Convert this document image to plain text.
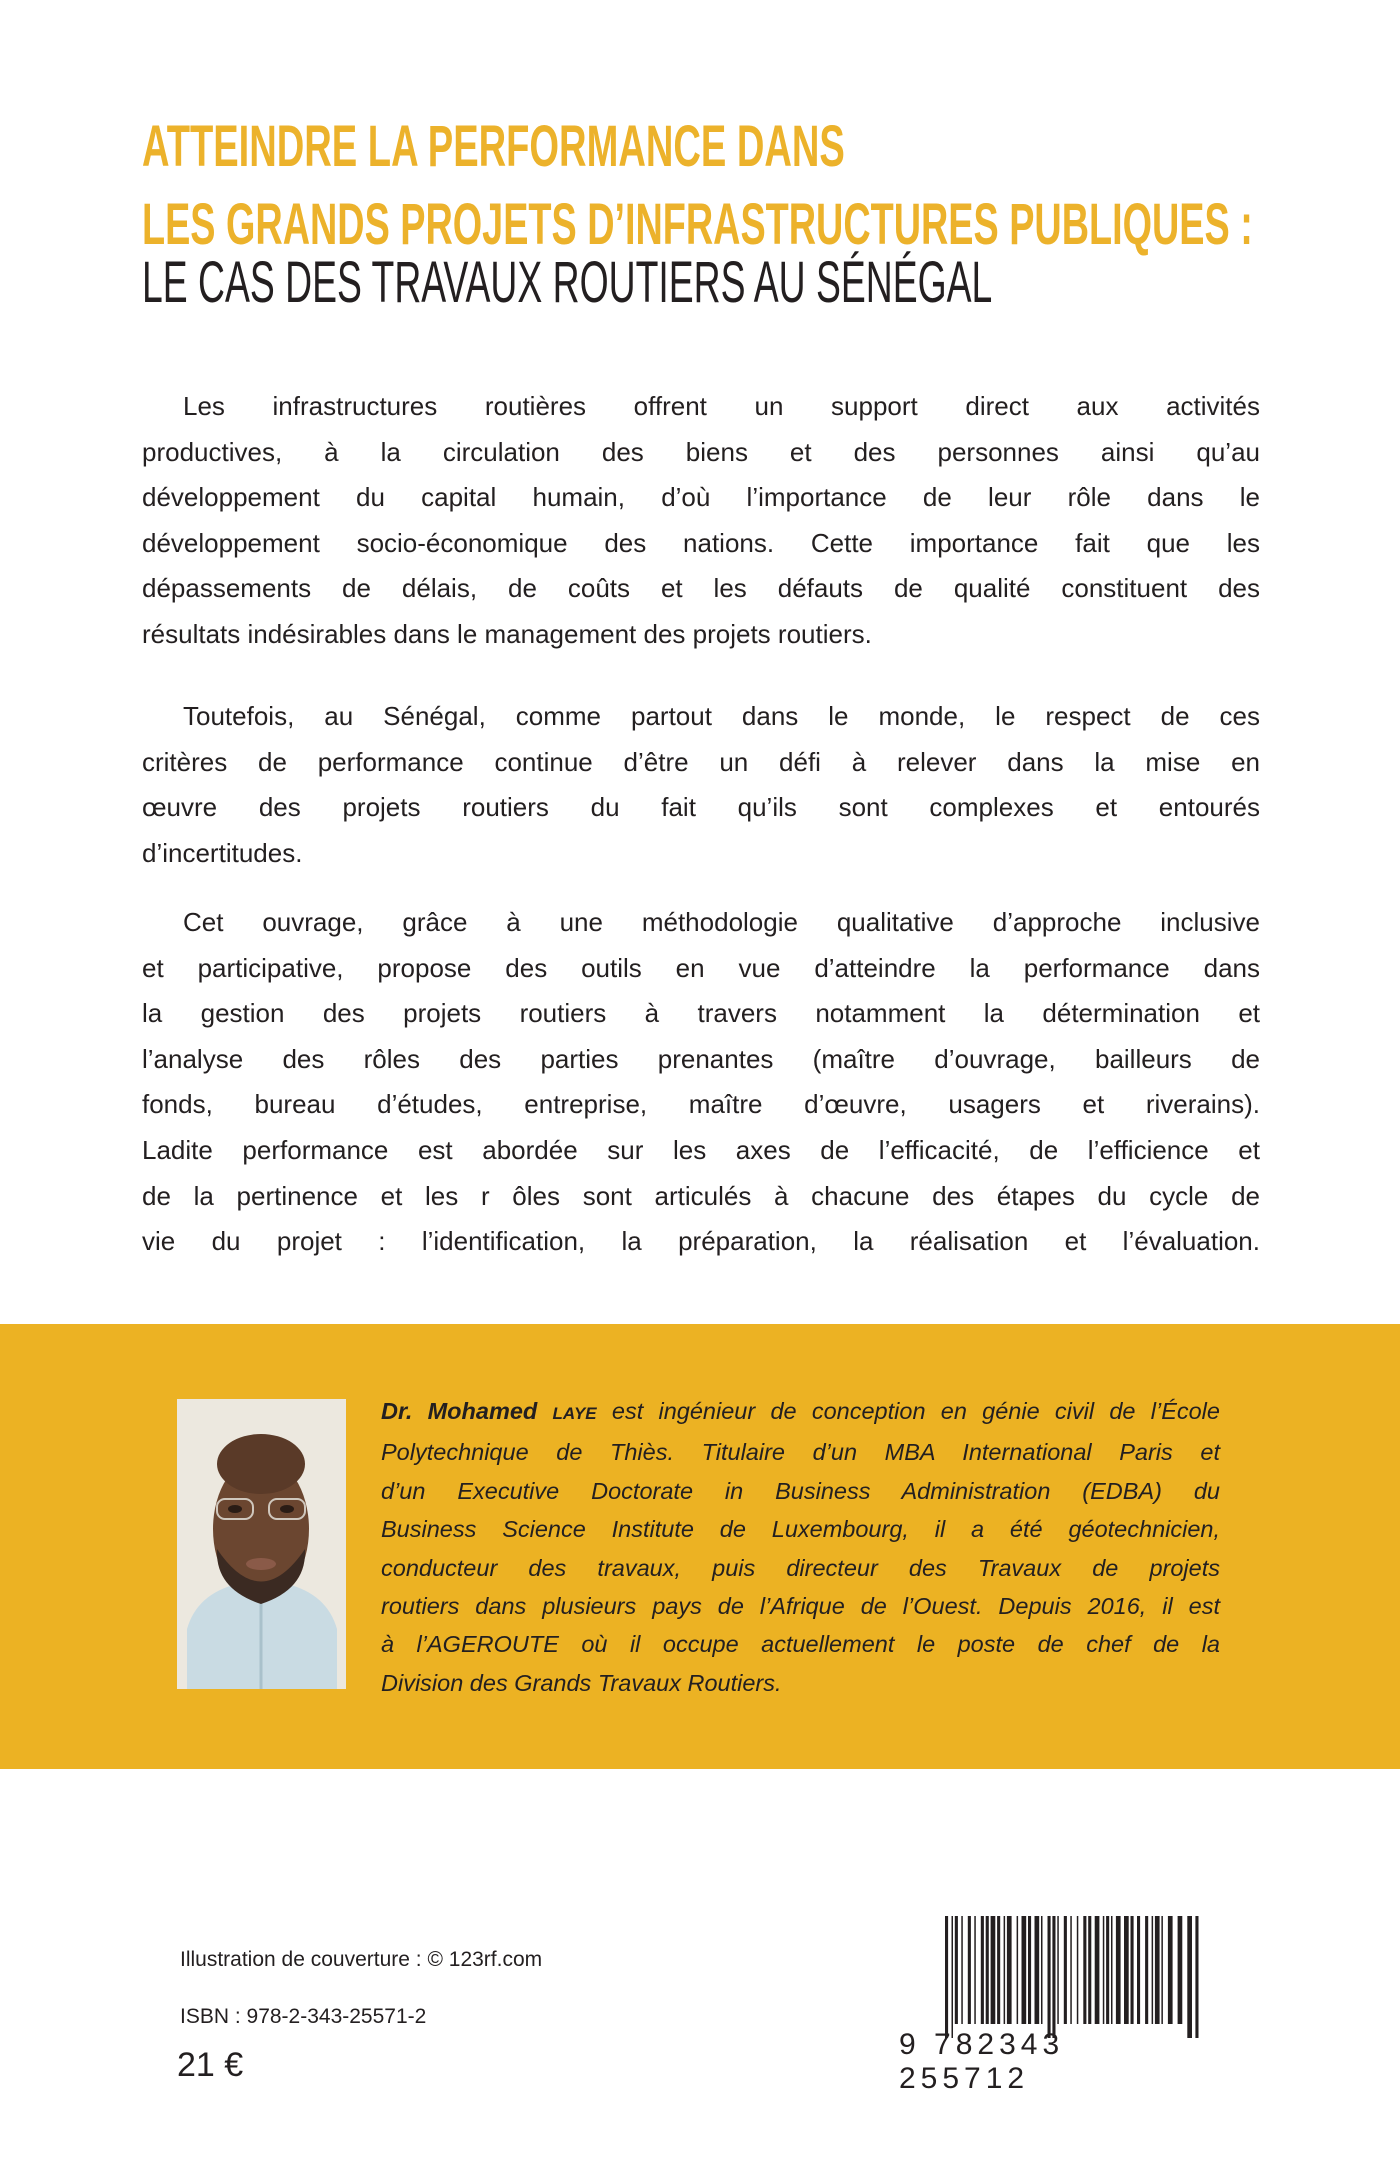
ATTEINDRE LA PERFORMANCE DANS
LES GRANDS PROJETS D’INFRASTRUCTURES PUBLIQUES :
LE CAS DES TRAVAUX ROUTIERS AU SÉNÉGAL
Les infrastructures routières offrent un support direct aux activités
productives, à la circulation des biens et des personnes ainsi qu’au
développement du capital humain, d’où l’importance de leur rôle dans le
développement socio-économique des nations. Cette importance fait que les
dépassements de délais, de coûts et les défauts de qualité constituent des
résultats indésirables dans le management des projets routiers.
Toutefois, au Sénégal, comme partout dans le monde, le respect de ces
critères de performance continue d’être un défi à relever dans la mise en
œuvre des projets routiers du fait qu’ils sont complexes et entourés
d’incertitudes.
Cet ouvrage, grâce à une méthodologie qualitative d’approche inclusive
et participative, propose des outils en vue d’atteindre la performance dans
la gestion des projets routiers à travers notamment la détermination et
l’analyse des rôles des parties prenantes (maître d’ouvrage, bailleurs de
fonds, bureau d’études, entreprise, maître d’œuvre, usagers et riverains).
Ladite performance est abordée sur les axes de l’efficacité, de l’efficience et
de la pertinence et les r ôles sont articulés à chacune des étapes du cycle de
vie du projet : l’identification, la préparation, la réalisation et l’évaluation.
Dr. Mohamed LAYE est ingénieur de conception en génie civil de l’École
Polytechnique de Thiès. Titulaire d’un MBA International Paris et
d’un Executive Doctorate in Business Administration (EDBA) du
Business Science Institute de Luxembourg, il a été géotechnicien,
conducteur des travaux, puis directeur des Travaux de projets
routiers dans plusieurs pays de l’Afrique de l’Ouest. Depuis 2016, il est
à l’AGEROUTE où il occupe actuellement le poste de chef de la
Division des Grands Travaux Routiers.
Illustration de couverture : © 123rf.com
ISBN : 978-2-343-25571-2
21 €
9 782343 255712
